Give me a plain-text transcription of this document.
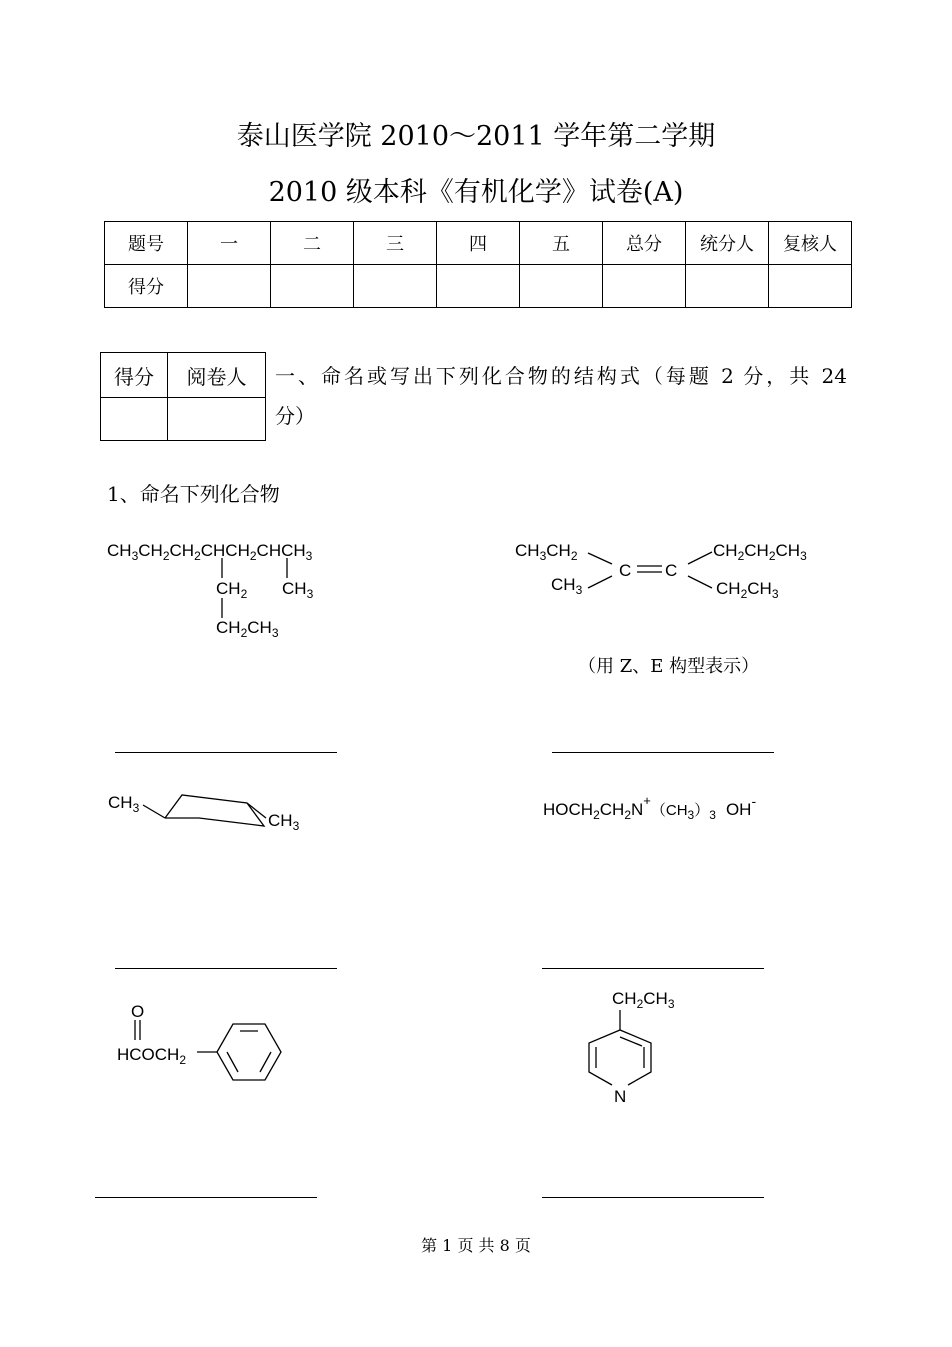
泰山医学院 2010～2011 学年第二学期
2010 级本科《有机化学》试卷(A)
题号	一	二	三	四	五	总分	统分人	复核人
得分								
得分	阅卷人
	一、命名或写出下列化合物的结构式（每题 2 分，共 24
分）
1、命名下列化合物
（用 Z、E 构型表示）
$CH_3CH_2CH_2CHCH_2CHCH_3$
$CH_2$ $CH_3$
$CH_2CH_3$
$CH_3CH_2$
$CH_3$
C C
$CH_2CH_2CH_3$
$CH_2CH_3$
$CH_3$
$CH_3$
$HOCH_2CH_2N^+(CH_3)_3$ OH-
O
$HCOCH_2$
$CH_2CH_3$
N
第 1 页 共 8 页
